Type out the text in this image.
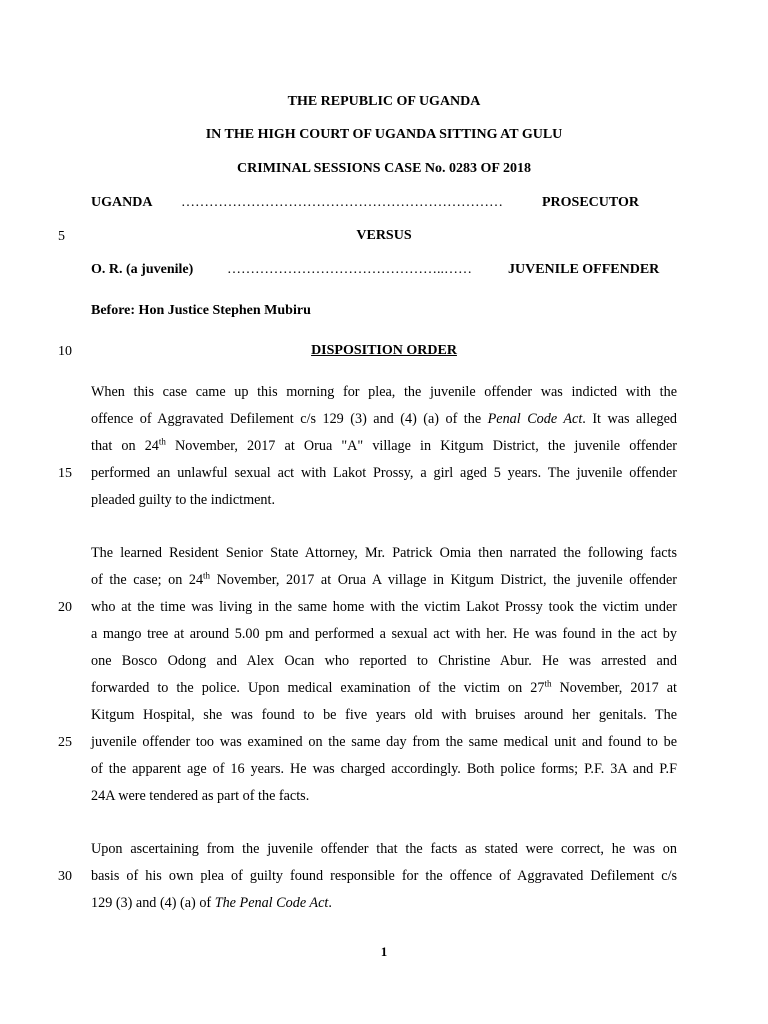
THE REPUBLIC OF UGANDA
IN THE HIGH COURT OF UGANDA SITTING AT GULU
CRIMINAL SESSIONS CASE No. 0283 OF 2018
UGANDA ……………………………………………………………	PROSECUTOR
5	VERSUS
O. R. (a juvenile) ………………………………………..……	JUVENILE OFFENDER
Before: Hon Justice Stephen Mubiru
10	DISPOSITION ORDER
When this case came up this morning for plea, the juvenile offender was indicted with the
offence of Aggravated Defilement c/s 129 (3) and (4) (a) of the Penal Code Act. It was alleged
that on 24th November, 2017 at Orua "A" village in Kitgum District, the juvenile offender
15	performed an unlawful sexual act with Lakot Prossy, a girl aged 5 years. The juvenile offender
pleaded guilty to the indictment.
The learned Resident Senior State Attorney, Mr. Patrick Omia then narrated the following facts
of the case; on 24th November, 2017 at Orua A village in Kitgum District, the juvenile offender
20	who at the time was living in the same home with the victim Lakot Prossy took the victim under
a mango tree at around 5.00 pm and performed a sexual act with her. He was found in the act by
one Bosco Odong and Alex Ocan who reported to Christine Abur. He was arrested and
forwarded to the police. Upon medical examination of the victim on 27th November, 2017 at
Kitgum Hospital, she was found to be five years old with bruises around her genitals. The
25	juvenile offender too was examined on the same day from the same medical unit and found to be
of the apparent age of 16 years. He was charged accordingly. Both police forms; P.F. 3A and P.F
24A were tendered as part of the facts.
Upon ascertaining from the juvenile offender that the facts as stated were correct, he was on
30	basis of his own plea of guilty found responsible for the offence of Aggravated Defilement c/s
129 (3) and (4) (a) of The Penal Code Act.
1
